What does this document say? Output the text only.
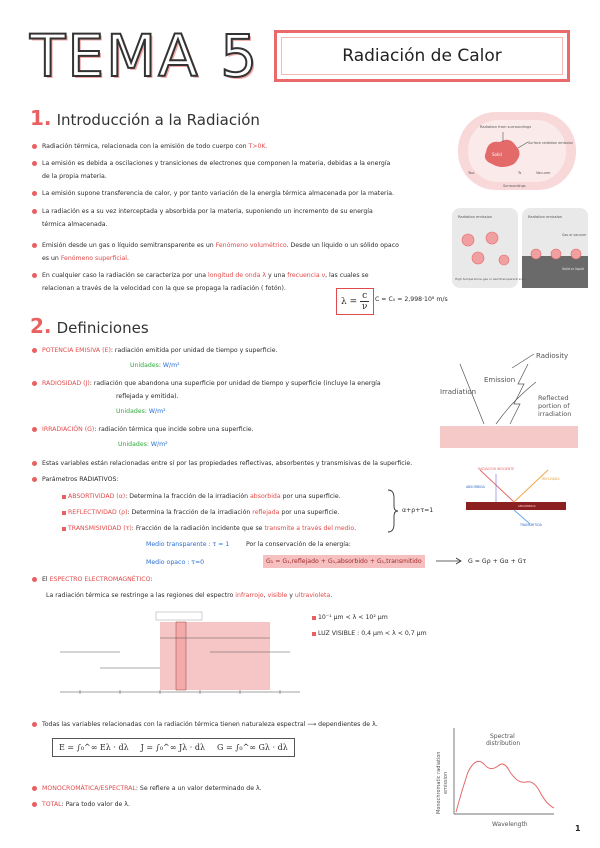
TEMA 5	Radiación de Calor
1. Introducción a la Radiación
Radiación térmica, relacionada con la emisión de todo cuerpo con T>0K.
La emisión es debida a oscilaciones y transiciones de electrones que componen la materia, debidas a la energía
de la propia materia.
La emisión supone transferencia de calor, y por tanto variación de la energía térmica almacenada por la materia.
La radiación es a su vez interceptada y absorbida por la materia, suponiendo un incremento de su energía
térmica almacenada.
Emisión desde un gas o líquido semitransparente es un Fenómeno volumétrico. Desde un líquido o un sólido opaco
es un Fenómeno superficial.
En cualquier caso la radiación se caracteriza por una longitud de onda λ y una frecuencia ν, las cuales se
relacionan a través de la velocidad con la que se propaga la radiación ( fotón).
$\lambda = \frac{c}{\nu}$ C = C₀ = 2,998·10⁸ m/s
Solid
Radiation from surroundings
Surface radiation emission
Vacuum
Surroundings
Tsur	Ts
Radiation emission
High temperature gas or semitransparent solid
Radiation emission
Gas or vacuum
Solid or liquid
2. Definiciones
POTENCIA EMISIVA (E): radiación emitida por unidad de tiempo y superficie.
Unidades: W/m²
RADIOSIDAD (J): radiación que abandona una superficie por unidad de tiempo y superficie (incluye la energía
reflejada y emitida).
Unidades: W/m²
IRRADIACIÓN (G): radiación térmica que incide sobre una superficie.
Unidades: W/m²
Radiosity
Emission
Irradiation
Reflected
portion of
irradiation
Estas variables están relacionadas entre sí por las propiedades reflectivas, absorbentes y transmisivas de la superficie.
Parámetros RADIATIVOS:
ABSORTIVIDAD (α): Determina la fracción de la irradiación absorbida por una superficie.
REFLECTIVIDAD (ρ): Determina la fracción de la irradiación reflejada por una superficie.
TRANSMISIVIDAD (τ): Fracción de la radiación incidente que se transmite a través del medio.
α+ρ+τ=1
RADIACIÓN INCIDENTE
REFLEJADA
ABSORBIDA
TRANSMITIDA
ABSORBIDA
Medio transparente : τ = 1	Por la conservación de la energía:
Medio opaco : τ=0	G₁ = G₁,reflejado + G₁,absorbido + G₁,transmitido	G = Gρ + Gα + Gτ
El ESPECTRO ELECTROMAGNÉTICO:
La radiación térmica se restringe a las regiones del espectro infrarrojo, visible y ultravioleta.
10⁻¹ µm < λ < 10² µm
LUZ VISIBLE : 0,4 µm < λ < 0,7 µm
Todas las variables relacionadas con la radiación térmica tienen naturaleza espectral ⟶ dependientes de λ.
E = ∫₀^∞ Eλ · dλ J = ∫₀^∞ Jλ · dλ G = ∫₀^∞ Gλ · dλ
MONOCROMÁTICA/ESPECTRAL: Se refiere a un valor determinado de λ.
TOTAL: Para todo valor de λ.
Spectral
distribution
Wavelength
Monochromatic radiation emission
1
